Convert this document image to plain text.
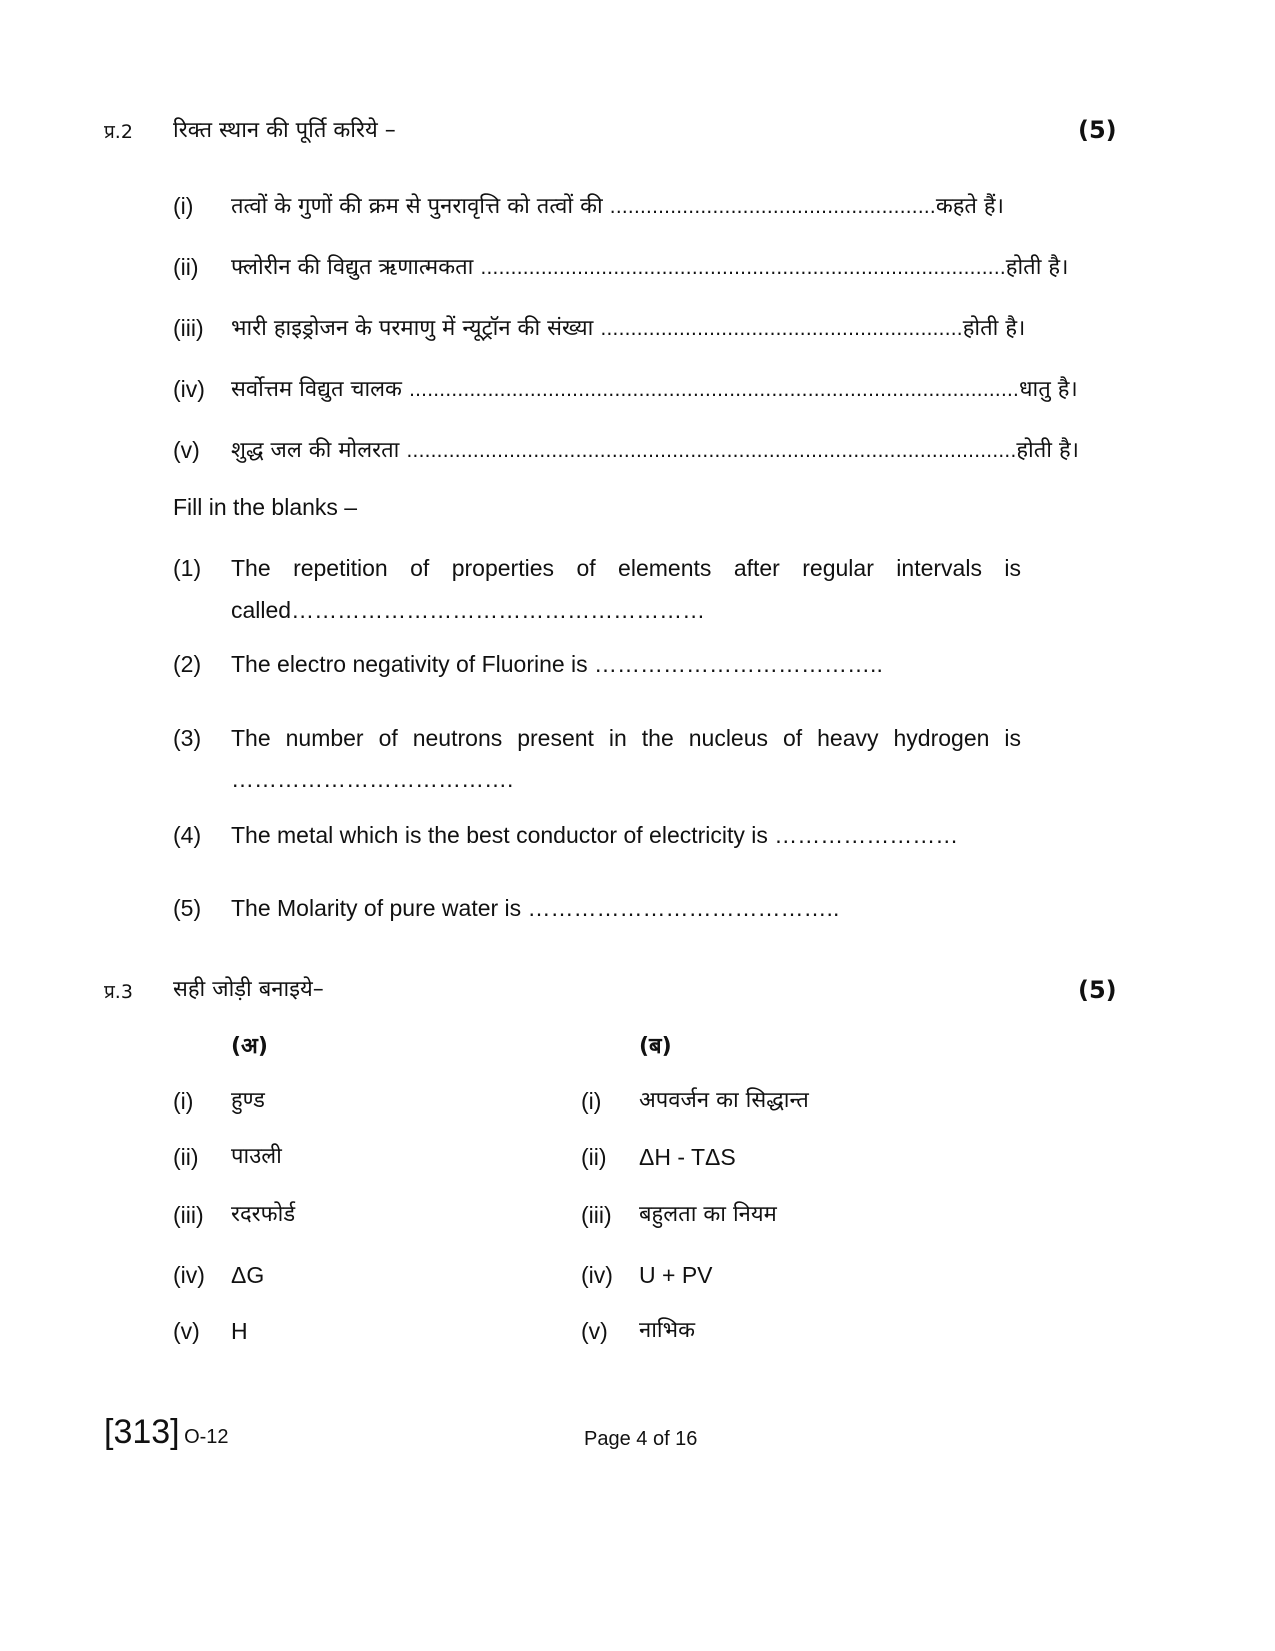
प्र.2 रिक्त स्थान की पूर्ति करिये –	(5)
(i) तत्वों के गुणों की क्रम से पुनरावृत्ति को तत्वों की ......................................................कहते हैं।
(ii) फ्लोरीन की विद्युत ऋणात्मकता .......................................................................................होती है।
(iii) भारी हाइड्रोजन के परमाणु में न्यूट्रॉन की संख्या ............................................................होती है।
(iv) सर्वोत्तम विद्युत चालक .....................................................................................................धातु है।
(v) शुद्ध जल की मोलरता .....................................................................................................होती है।
Fill in the blanks –
(1) The repetition of properties of elements after regular intervals is
called………………………………………………
(2) The electro negativity of Fluorine is ………………………………..
(3) The number of neutrons present in the nucleus of heavy hydrogen is
……………………………….
(4) The metal which is the best conductor of electricity is ……………………
(5) The Molarity of pure water is …………………………………..
प्र.3 सही जोड़ी बनाइये–	(5)
(अ)	(ब)
(i) हुण्ड	(i) अपवर्जन का सिद्धान्त
(ii) पाउली	(ii) ΔH - TΔS
(iii) रदरफोर्ड	(iii) बहुलता का नियम
(iv) ΔG	(iv) U + PV
(v) H	(v) नाभिक
[313] O-12	Page 4 of 16
